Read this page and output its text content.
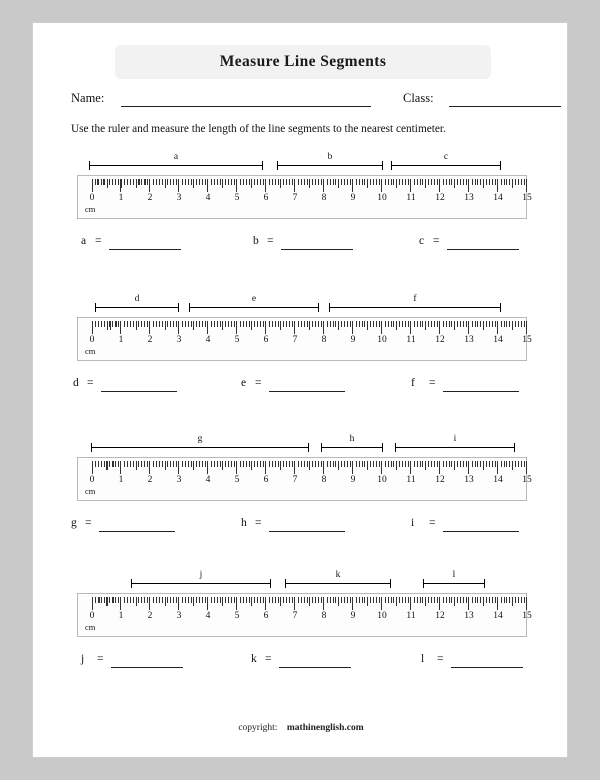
Measure Line Segments
Name:	Class:
Use the ruler and measure the length of the line segments to the nearest centimeter.
a	b	c
0	1	2	3	4	5	6	7	8	9	10	11	12	13	14	15
cm
a =	b =	c =
d	e	f
0	1	2	3	4	5	6	7	8	9	10	11	12	13	14	15
cm
d =	e =	f =
g	h	i
0	1	2	3	4	5	6	7	8	9	10	11	12	13	14	15
cm
g =	h =	i =
j	k	l
0	1	2	3	4	5	6	7	8	9	10	11	12	13	14	15
cm
j =	k =	l =
copyright: mathinenglish.com
